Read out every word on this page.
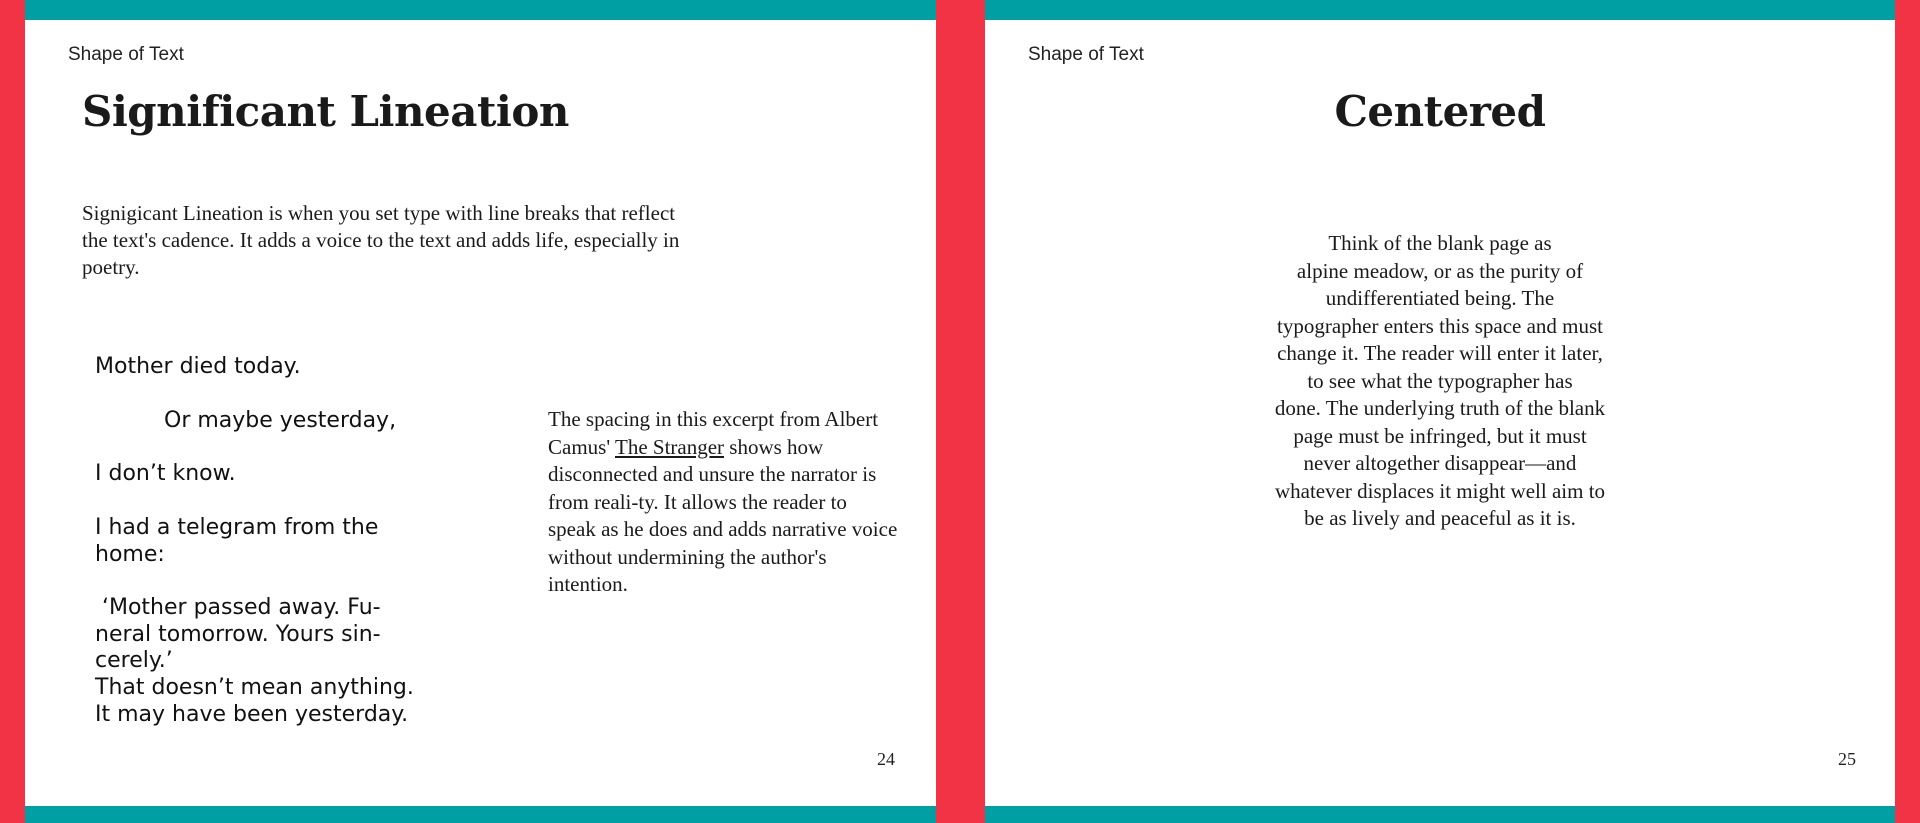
Shape of Text
Significant Lineation

Signigicant Lineation is when you set type with line breaks that reflect the text's cadence. It adds a voice to the text and adds life, especially in poetry.

Mother died today.
Or maybe yesterday,
I don’t know.
I had a telegram from the
home:
‘Mother passed away. Fu-
neral tomorrow. Yours sin-
cerely.’
That doesn’t mean anything.
It may have been yesterday.

The spacing in this excerpt from Albert Camus' The Stranger shows how disconnected and unsure the narrator is from reali-ty. It allows the reader to speak as he does and adds narrative voice without undermining the author's intention.

24
Shape of Text
Centered
Think of the blank page as
alpine meadow, or as the purity of
undifferentiated being. The
typographer enters this space and must
change it. The reader will enter it later,
to see what the typographer has
done. The underlying truth of the blank
page must be infringed, but it must
never altogether disappear—and
whatever displaces it might well aim to
be as lively and peaceful as it is.
25
